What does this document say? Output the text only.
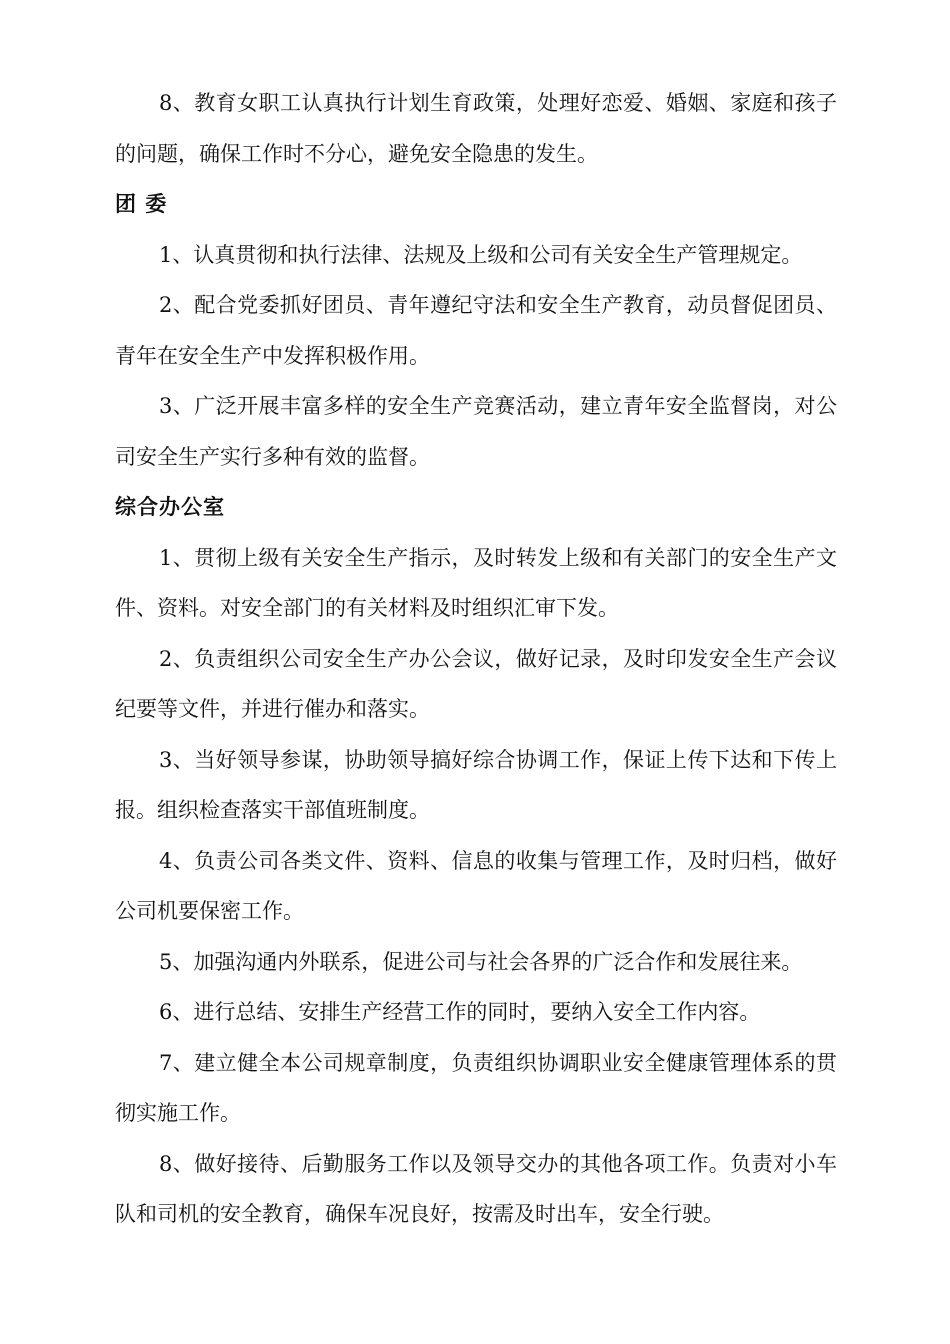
8、教育女职工认真执行计划生育政策，处理好恋爱、婚姻、家庭和孩子的问题，确保工作时不分心，避免安全隐患的发生。

团 委

1、认真贯彻和执行法律、法规及上级和公司有关安全生产管理规定。

2、配合党委抓好团员、青年遵纪守法和安全生产教育，动员督促团员、青年在安全生产中发挥积极作用。

3、广泛开展丰富多样的安全生产竞赛活动，建立青年安全监督岗，对公司安全生产实行多种有效的监督。

综合办公室

1、贯彻上级有关安全生产指示，及时转发上级和有关部门的安全生产文件、资料。对安全部门的有关材料及时组织汇审下发。

2、负责组织公司安全生产办公会议，做好记录，及时印发安全生产会议纪要等文件，并进行催办和落实。

3、当好领导参谋，协助领导搞好综合协调工作，保证上传下达和下传上报。组织检查落实干部值班制度。

4、负责公司各类文件、资料、信息的收集与管理工作，及时归档，做好公司机要保密工作。

5、加强沟通内外联系，促进公司与社会各界的广泛合作和发展往来。

6、进行总结、安排生产经营工作的同时，要纳入安全工作内容。

7、建立健全本公司规章制度，负责组织协调职业安全健康管理体系的贯彻实施工作。

8、做好接待、后勤服务工作以及领导交办的其他各项工作。负责对小车队和司机的安全教育，确保车况良好，按需及时出车，安全行驶。
